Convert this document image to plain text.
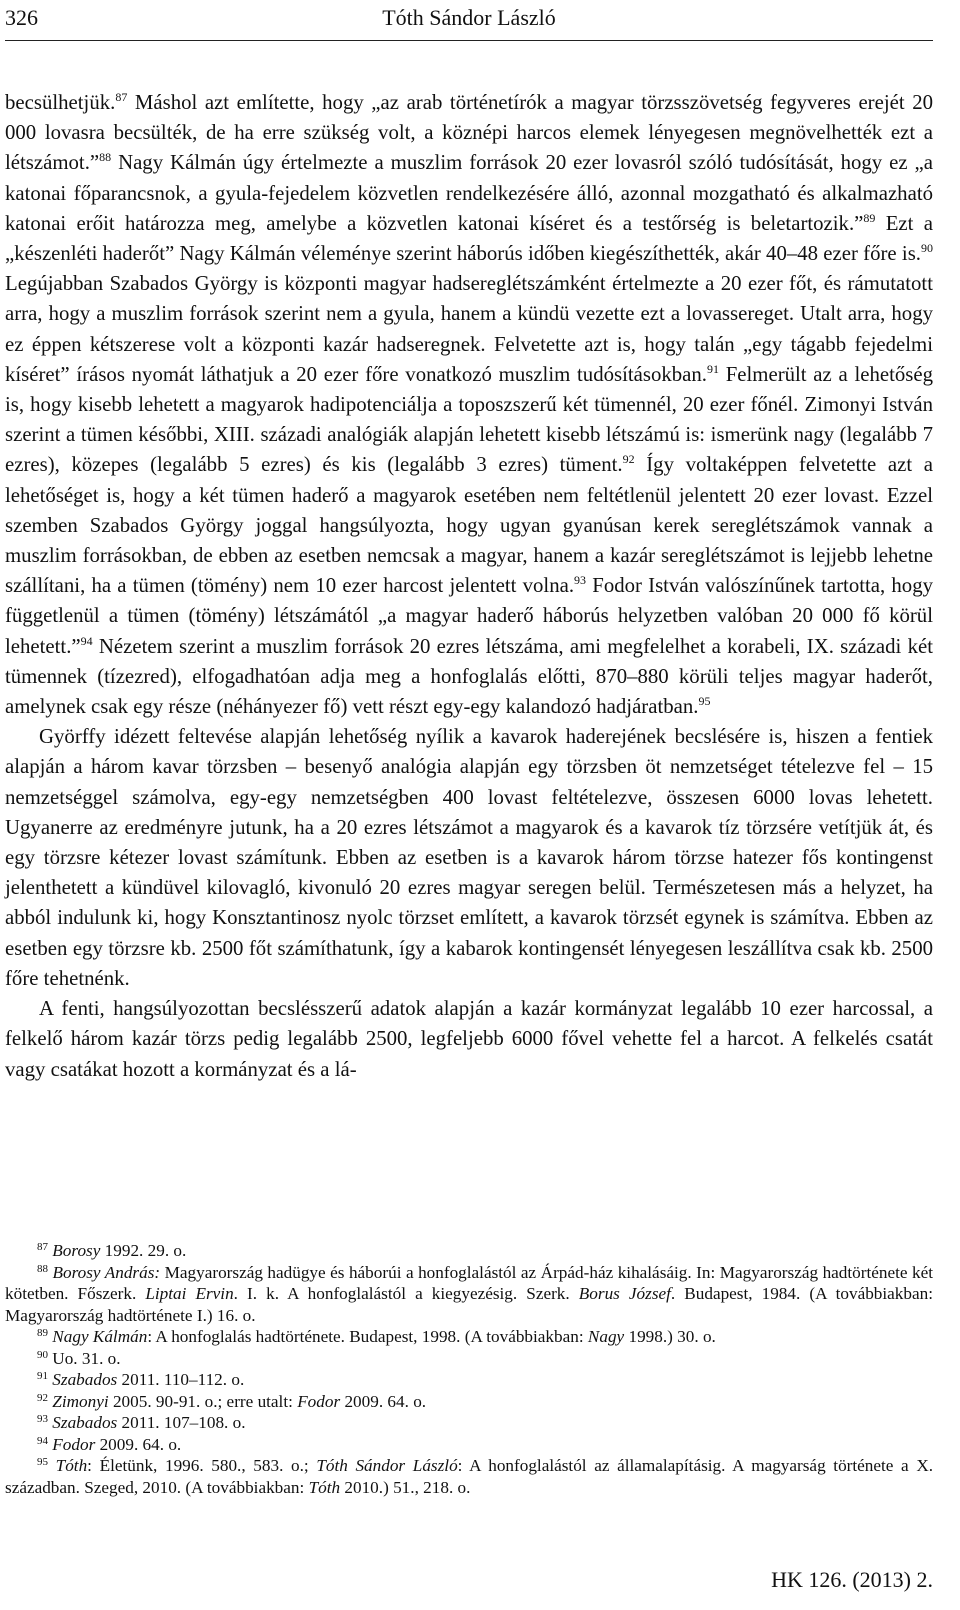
326	Tóth Sándor László

becsülhetjük.$^{87}$ Máshol azt említette, hogy „az arab történetírók a magyar törzsszövetség fegyveres erejét 20 000 lovasra becsülték, de ha erre szükség volt, a köznépi harcos elemek lényegesen megnövelhették ezt a létszámot.”$^{88}$ Nagy Kálmán úgy értelmezte a muszlim források 20 ezer lovasról szóló tudósítását, hogy ez „a katonai főparancsnok, a gyula-fejedelem közvetlen rendelkezésére álló, azonnal mozgatható és alkalmazható katonai erőit határozza meg, amelybe a közvetlen katonai kíséret és a testőrség is beletartozik.”$^{89}$ Ezt a „készenléti haderőt” Nagy Kálmán véleménye szerint háborús időben kiegészíthették, akár 40–48 ezer főre is.$^{90}$ Legújabban Szabados György is központi magyar hadsereglétszámként értelmezte a 20 ezer főt, és rámutatott arra, hogy a muszlim források szerint nem a gyula, hanem a kündü vezette ezt a lovassereget. Utalt arra, hogy ez éppen kétszerese volt a központi kazár hadseregnek. Felvetette azt is, hogy talán „egy tágabb fejedelmi kíséret” írásos nyomát láthatjuk a 20 ezer főre vonatkozó muszlim tudósításokban.$^{91}$ Felmerült az a lehetőség is, hogy kisebb lehetett a magyarok hadipotenciálja a toposzszerű két tümennél, 20 ezer főnél. Zimonyi István szerint a tümen későbbi, XIII. századi analógiák alapján lehetett kisebb létszámú is: ismerünk nagy (legalább 7 ezres), közepes (legalább 5 ezres) és kis (legalább 3 ezres) tüment.$^{92}$ Így voltaképpen felvetette azt a lehetőséget is, hogy a két tümen haderő a magyarok esetében nem feltétlenül jelentett 20 ezer lovast. Ezzel szemben Szabados György joggal hangsúlyozta, hogy ugyan gyanúsan kerek sereglétszámok vannak a muszlim forrásokban, de ebben az esetben nemcsak a magyar, hanem a kazár sereglétszámot is lejjebb lehetne szállítani, ha a tümen (tömény) nem 10 ezer harcost jelentett volna.$^{93}$ Fodor István valószínűnek tartotta, hogy függetlenül a tümen (tömény) létszámától „a magyar haderő háborús helyzetben valóban 20 000 fő körül lehetett.”$^{94}$ Nézetem szerint a muszlim források 20 ezres létszáma, ami megfelelhet a korabeli, IX. századi két tümennek (tízezred), elfogadhatóan adja meg a honfoglalás előtti, 870–880 körüli teljes magyar haderőt, amelynek csak egy része (néhányezer fő) vett részt egy-egy kalandozó hadjáratban.$^{95}$

Györffy idézett feltevése alapján lehetőség nyílik a kavarok haderejének becslésére is, hiszen a fentiek alapján a három kavar törzsben – besenyő analógia alapján egy törzsben öt nemzetséget tételezve fel – 15 nemzetséggel számolva, egy-egy nemzetségben 400 lovast feltételezve, összesen 6000 lovas lehetett. Ugyanerre az eredményre jutunk, ha a 20 ezres létszámot a magyarok és a kavarok tíz törzsére vetítjük át, és egy törzsre kétezer lovast számítunk. Ebben az esetben is a kavarok három törzse hatezer fős kontingenst jelenthetett a kündüvel kilovagló, kivonuló 20 ezres magyar seregen belül. Természetesen más a helyzet, ha abból indulunk ki, hogy Konsztantinosz nyolc törzset említett, a kavarok törzsét egynek is számítva. Ebben az esetben egy törzsre kb. 2500 főt számíthatunk, így a kabarok kontingensét lényegesen leszállítva csak kb. 2500 főre tehetnénk.

A fenti, hangsúlyozottan becslésszerű adatok alapján a kazár kormányzat legalább 10 ezer harcossal, a felkelő három kazár törzs pedig legalább 2500, legfeljebb 6000 fővel vehette fel a harcot. A felkelés csatát vagy csatákat hozott a kormányzat és a lá-

$^{87}$ Borosy 1992. 29. o.

$^{88}$ Borosy András: Magyarország hadügye és háborúi a honfoglalástól az Árpád-ház kihalásáig. In: Magyarország hadtörténete két kötetben. Főszerk. Liptai Ervin. I. k. A honfoglalástól a kiegyezésig. Szerk. Borus József. Budapest, 1984. (A továbbiakban: Magyarország hadtörténete I.) 16. o.

$^{89}$ Nagy Kálmán: A honfoglalás hadtörténete. Budapest, 1998. (A továbbiakban: Nagy 1998.) 30. o.

$^{90}$ Uo. 31. o.

$^{91}$ Szabados 2011. 110–112. o.

$^{92}$ Zimonyi 2005. 90-91. o.; erre utalt: Fodor 2009. 64. o.

$^{93}$ Szabados 2011. 107–108. o.

$^{94}$ Fodor 2009. 64. o.

$^{95}$ Tóth: Életünk, 1996. 580., 583. o.; Tóth Sándor László: A honfoglalástól az államalapításig. A magyarság története a X. században. Szeged, 2010. (A továbbiakban: Tóth 2010.) 51., 218. o.

HK 126. (2013) 2.
